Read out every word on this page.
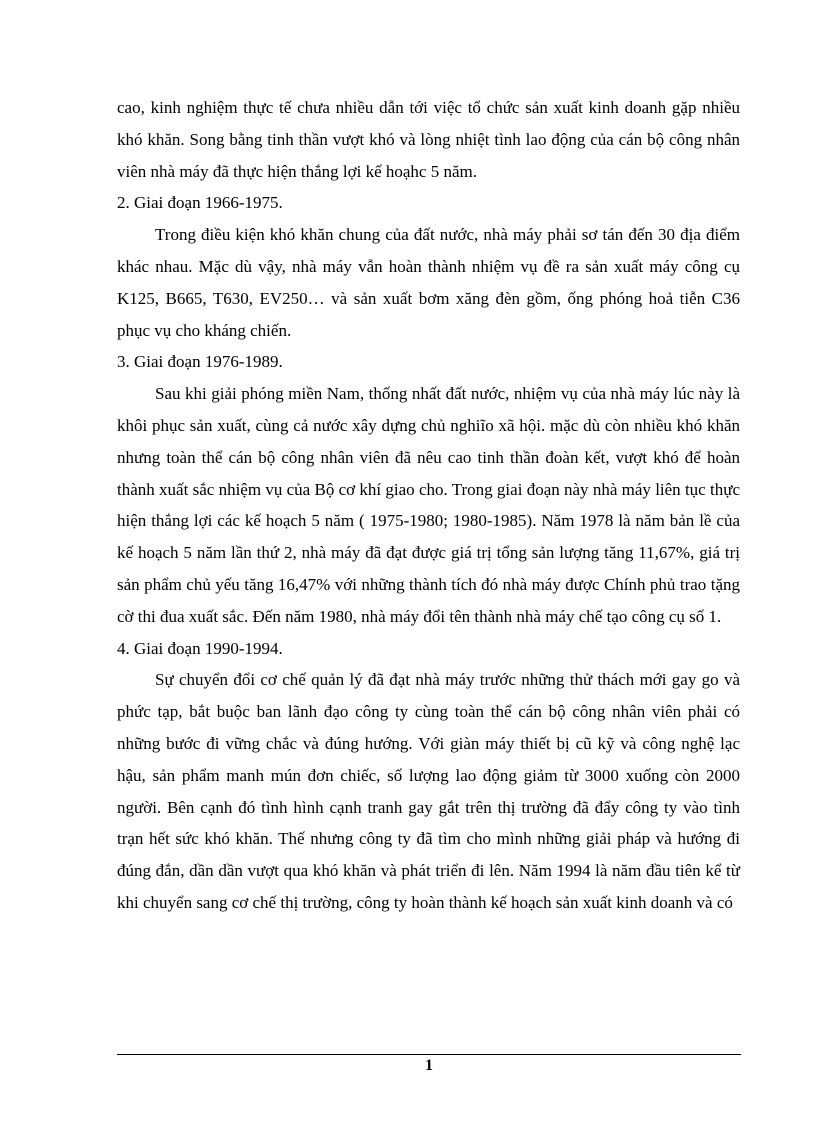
cao, kinh nghiệm thực tế chưa nhiều dẫn tới việc tổ chức sản xuất kinh doanh gặp nhiều khó khăn. Song bằng tinh thần vượt khó và lòng nhiệt tình lao động của cán bộ công nhân viên nhà máy đã thực hiện thắng lợi kế hoạhc 5 năm.

2. Giai đoạn 1966-1975.

Trong điều kiện khó khăn chung của đất nước, nhà máy phải sơ tán đến 30 địa điểm khác nhau. Mặc dù vậy, nhà máy vẫn hoàn thành nhiệm vụ đề ra sản xuất máy công cụ K125, B665, T630, EV250… và sản xuất bơm xăng đèn gồm, ống phóng hoả tiễn C36 phục vụ cho kháng chiến.

3. Giai đoạn 1976-1989.

Sau khi giải phóng miền Nam, thống nhất đất nước, nhiệm vụ của nhà máy lúc này là khôi phục sản xuất, cùng cả nước xây dựng chủ nghiĩo xã hội. mặc dù còn nhiều khó khăn nhưng toàn thể cán bộ công nhân viên đã nêu cao tinh thần đoàn kết, vượt khó để hoàn thành xuất sắc nhiệm vụ của Bộ cơ khí giao cho. Trong giai đoạn này nhà máy liên tục thực hiện thắng lợi các kế hoạch 5 năm ( 1975-1980; 1980-1985). Năm 1978 là năm bản lề của kế hoạch 5 năm lần thứ 2, nhà máy đã đạt được giá trị tổng sản lượng tăng 11,67%, giá trị sản phẩm chủ yếu tăng 16,47% với những thành tích đó nhà máy được Chính phủ trao tặng cờ thi đua xuất sắc. Đến năm 1980, nhà máy đổi tên thành nhà máy chế tạo công cụ số 1.

4. Giai đoạn 1990-1994.

Sự chuyển đổi cơ chế quản lý đã đạt nhà máy trước những thử thách mới gay go và phức tạp, bắt buộc ban lãnh đạo công ty cùng toàn thể cán bộ công nhân viên phải có những bước đi vững chắc và đúng hướng. Với giàn máy thiết bị cũ kỹ và công nghệ lạc hậu, sản phẩm manh mún đơn chiếc, số lượng lao động giảm từ 3000 xuống còn 2000 người. Bên cạnh đó tình hình cạnh tranh gay gắt trên thị trường đã đẩy công ty vào tình trạn hết sức khó khăn. Thế nhưng công ty đã tìm cho mình những giải pháp và hướng đi đúng đắn, dần dần vượt qua khó khăn và phát triển đi lên. Năm 1994 là năm đầu tiên kể từ khi chuyển sang cơ chế thị trường, công ty hoàn thành kế hoạch sản xuất kinh doanh và có

1
